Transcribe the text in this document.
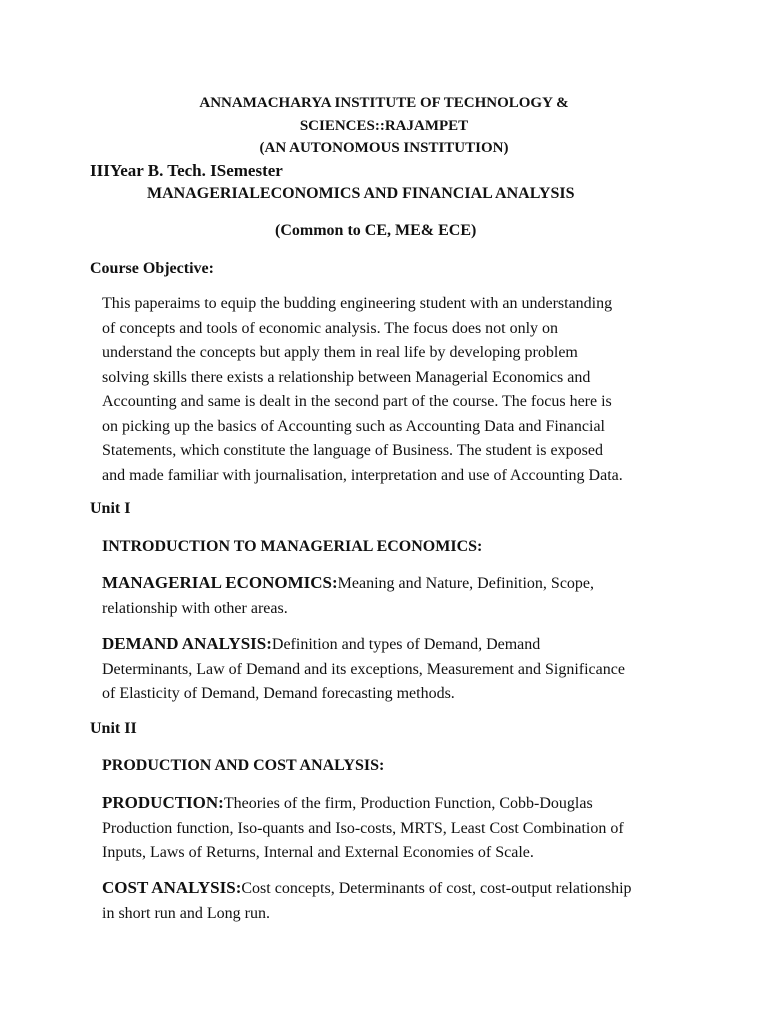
ANNAMACHARYA INSTITUTE OF TECHNOLOGY &
SCIENCES::RAJAMPET
(AN AUTONOMOUS INSTITUTION)
IIIYear B. Tech. ISemester
MANAGERIALECONOMICS AND FINANCIAL ANALYSIS
(Common to CE, ME& ECE)
Course Objective:
This paperaims to equip the budding engineering student with an understanding
of concepts and tools of economic analysis. The focus does not only on
understand the concepts but apply them in real life by developing problem
solving skills there exists a relationship between Managerial Economics and
Accounting and same is dealt in the second part of the course. The focus here is
on picking up the basics of Accounting such as Accounting Data and Financial
Statements, which constitute the language of Business. The student is exposed
and made familiar with journalisation, interpretation and use of Accounting Data.
Unit I
INTRODUCTION TO MANAGERIAL ECONOMICS:
MANAGERIAL ECONOMICS:Meaning and Nature, Definition, Scope,
relationship with other areas.
DEMAND ANALYSIS:Definition and types of Demand, Demand
Determinants, Law of Demand and its exceptions, Measurement and Significance
of Elasticity of Demand, Demand forecasting methods.
Unit II
PRODUCTION AND COST ANALYSIS:
PRODUCTION:Theories of the firm, Production Function, Cobb-Douglas
Production function, Iso-quants and Iso-costs, MRTS, Least Cost Combination of
Inputs, Laws of Returns, Internal and External Economies of Scale.
COST ANALYSIS:Cost concepts, Determinants of cost, cost-output relationship
in short run and Long run.
